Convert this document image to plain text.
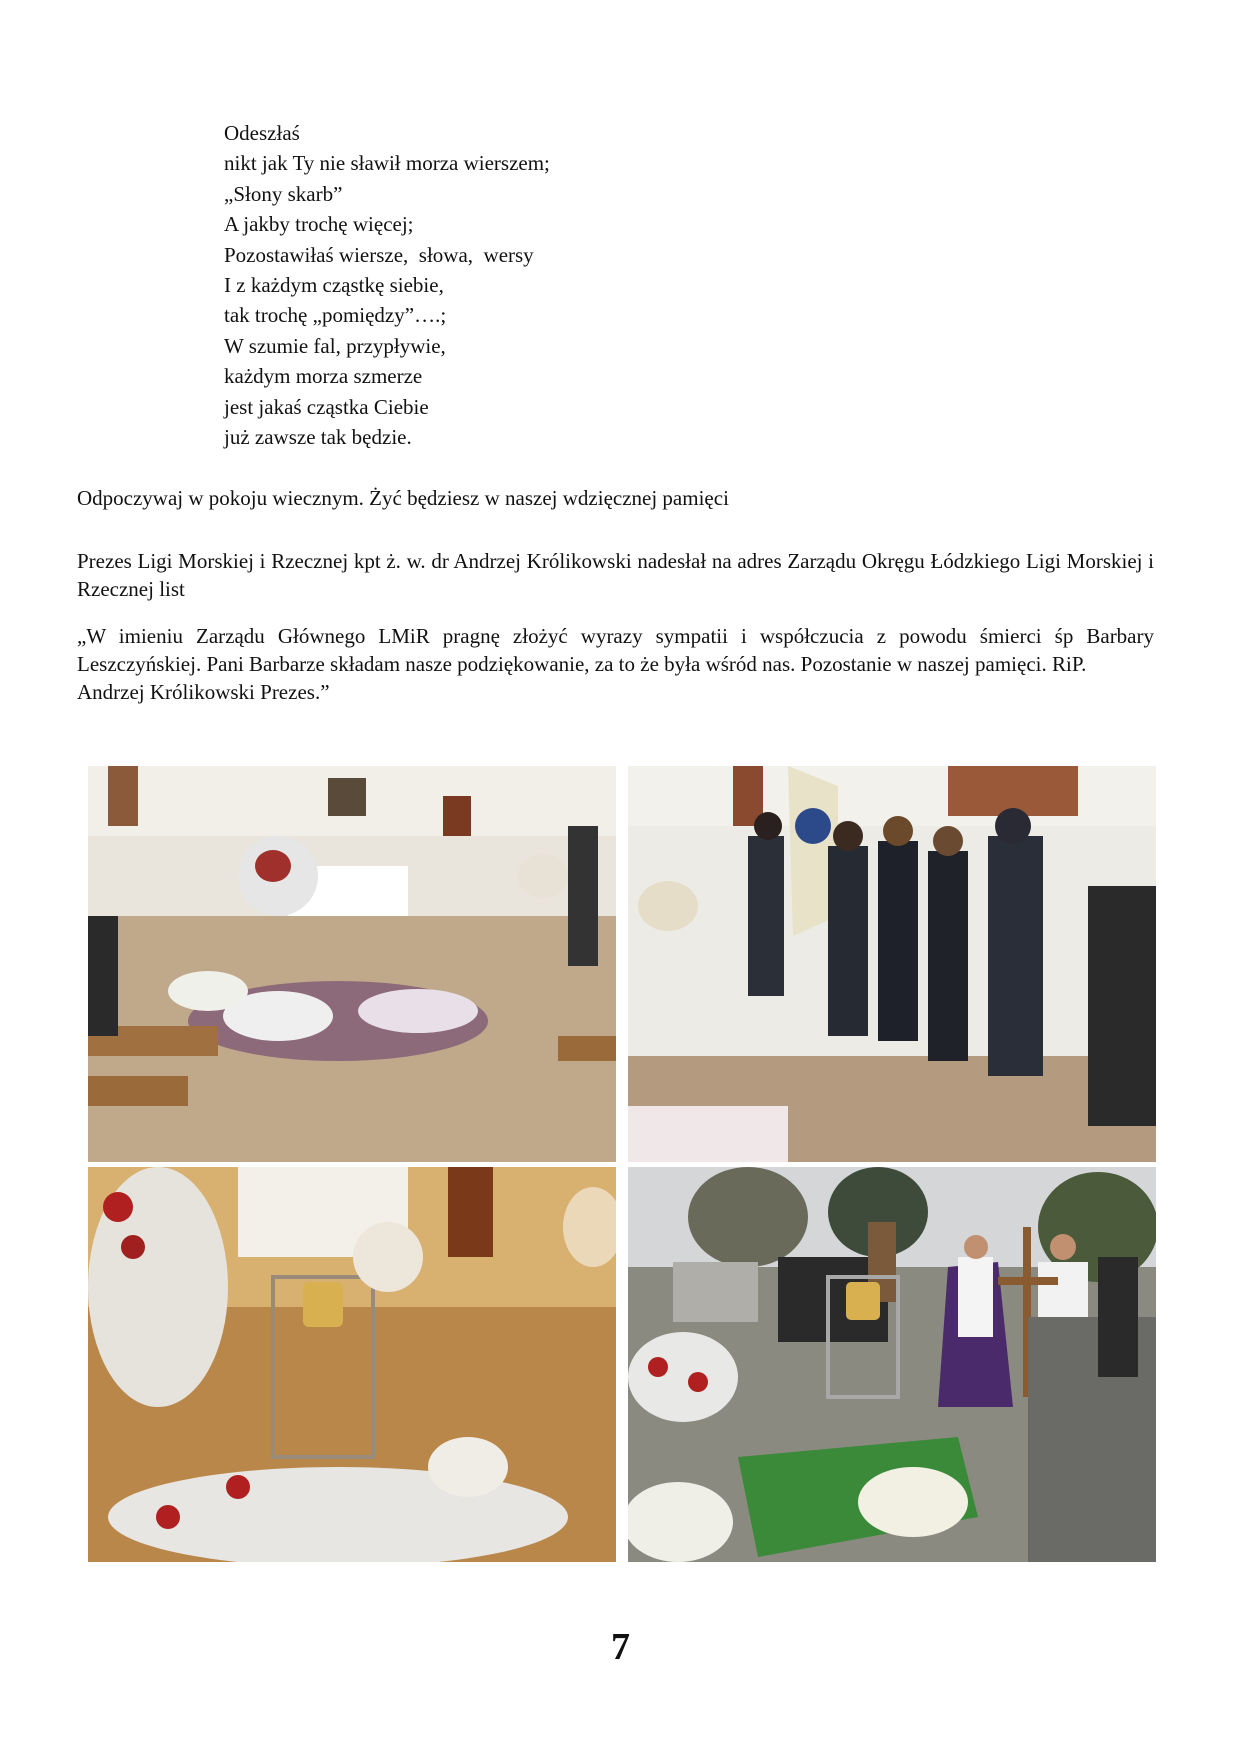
Odeszłaś
nikt jak Ty nie sławił morza wierszem;
„Słony skarb”
A jakby trochę więcej;
Pozostawiłaś wiersze,  słowa,  wersy
I z każdym cząstkę siebie,
tak trochę „pomiędzy”….;
W szumie fal, przypływie,
każdym morza szmerze
jest jakaś cząstka Ciebie
już zawsze tak będzie.
Odpoczywaj w pokoju wiecznym. Żyć będziesz w naszej wdzięcznej pamięci
Prezes Ligi Morskiej i Rzecznej kpt ż. w. dr Andrzej Królikowski nadesłał na adres Zarządu Okręgu Łódzkiego Ligi Morskiej i Rzecznej list
„W imieniu Zarządu Głównego LMiR pragnę złożyć wyrazy sympatii i współczucia z powodu śmierci śp Barbary Leszczyńskiej. Pani Barbarze składam nasze podziękowanie, za to że była wśród nas. Pozostanie w naszej pamięci. RiP.
Andrzej Królikowski Prezes.”
7
